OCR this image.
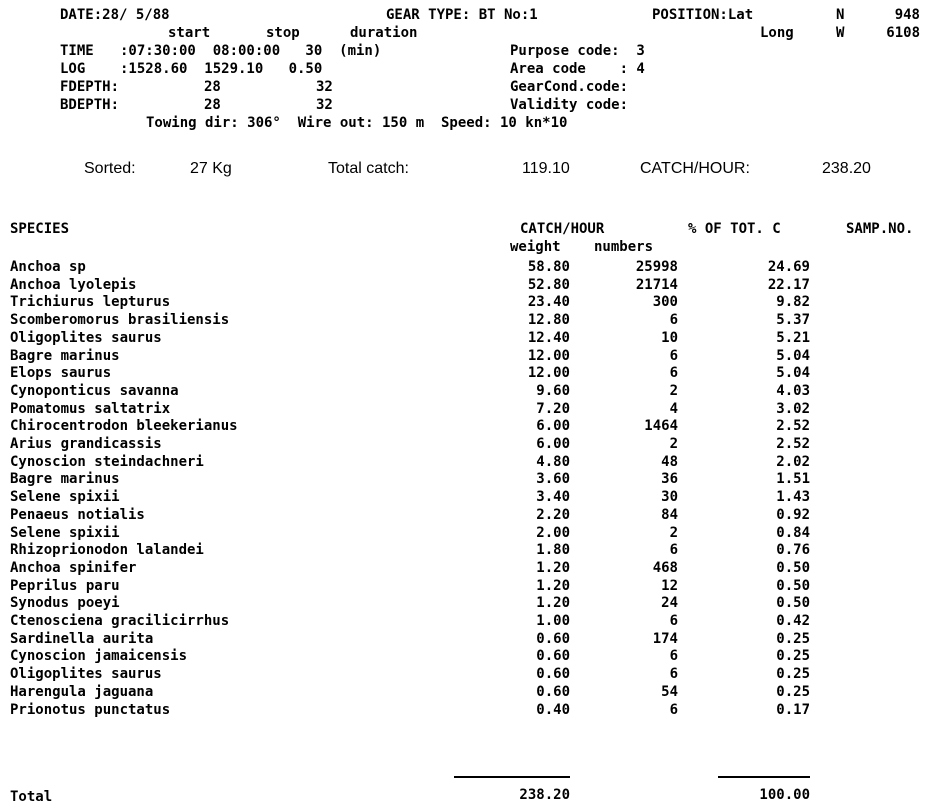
DATE:28/ 5/88	GEAR TYPE: BT No:1	POSITION:Lat	N	948
start	stop	duration	Long	W	6108
TIME :07:30:00  08:00:00   30  (min)	Purpose code:  3
LOG :1528.60  1529.10   0.50	Area code    : 4
FDEPTH:	28	32	GearCond.code:
BDEPTH:	28	32	Validity code:
Towing dir: 306°  Wire out: 150 m  Speed: 10 kn*10
Sorted:	27 Kg	Total catch:	119.10	CATCH/HOUR:	238.20
SPECIES	CATCH/HOUR	% OF TOT. C	SAMP.NO.
weight numbers
Anchoa sp	58.80	25998	24.69
Anchoa lyolepis	52.80	21714	22.17
Trichiurus lepturus	23.40	300	9.82
Scomberomorus brasiliensis	12.80	6	5.37
Oligoplites saurus	12.40	10	5.21
Bagre marinus	12.00	6	5.04
Elops saurus	12.00	6	5.04
Cynoponticus savanna	9.60	2	4.03
Pomatomus saltatrix	7.20	4	3.02
Chirocentrodon bleekerianus	6.00	1464	2.52
Arius grandicassis	6.00	2	2.52
Cynoscion steindachneri	4.80	48	2.02
Bagre marinus	3.60	36	1.51
Selene spixii	3.40	30	1.43
Penaeus notialis	2.20	84	0.92
Selene spixii	2.00	2	0.84
Rhizoprionodon lalandei	1.80	6	0.76
Anchoa spinifer	1.20	468	0.50
Peprilus paru	1.20	12	0.50
Synodus poeyi	1.20	24	0.50
Ctenosciena gracilicirrhus	1.00	6	0.42
Sardinella aurita	0.60	174	0.25
Cynoscion jamaicensis	0.60	6	0.25
Oligoplites saurus	0.60	6	0.25
Harengula jaguana	0.60	54	0.25
Prionotus punctatus	0.40	6	0.17
Total	238.20	100.00
